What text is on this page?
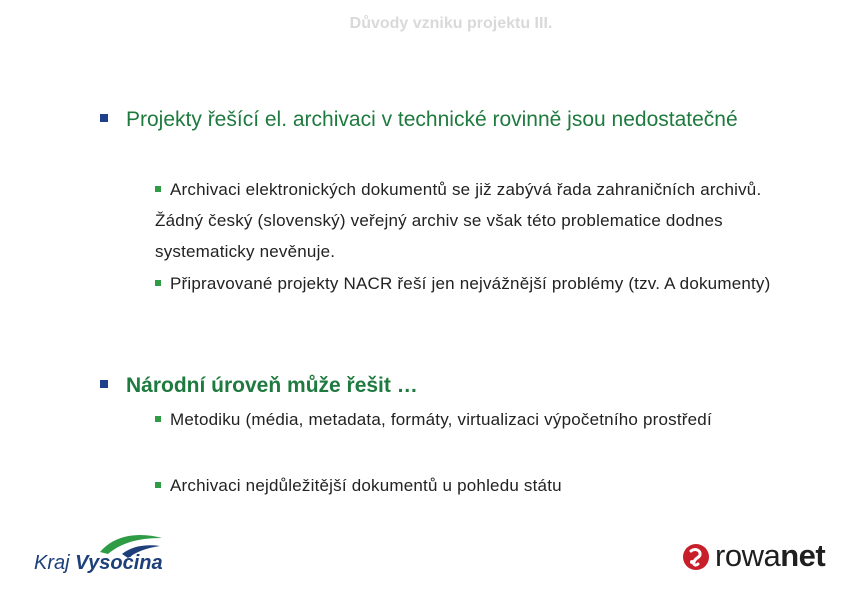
Důvody vzniku projektu III.
Projekty řešící el. archivaci v technické rovinně jsou nedostatečné
Archivaci elektronických dokumentů se již zabývá řada zahraničních archivů. Žádný český (slovenský) veřejný archiv se však této problematice dodnes systematicky nevěnuje.
Připravované projekty NACR řeší jen nejvážnější problémy (tzv. A dokumenty)
Národní úroveň může řešit …
Metodiku (média, metadata, formáty, virtualizaci výpočetního prostředí
Archivaci nejdůležitější dokumentů u pohledu státu
Kraj Vysočina	rowanet
